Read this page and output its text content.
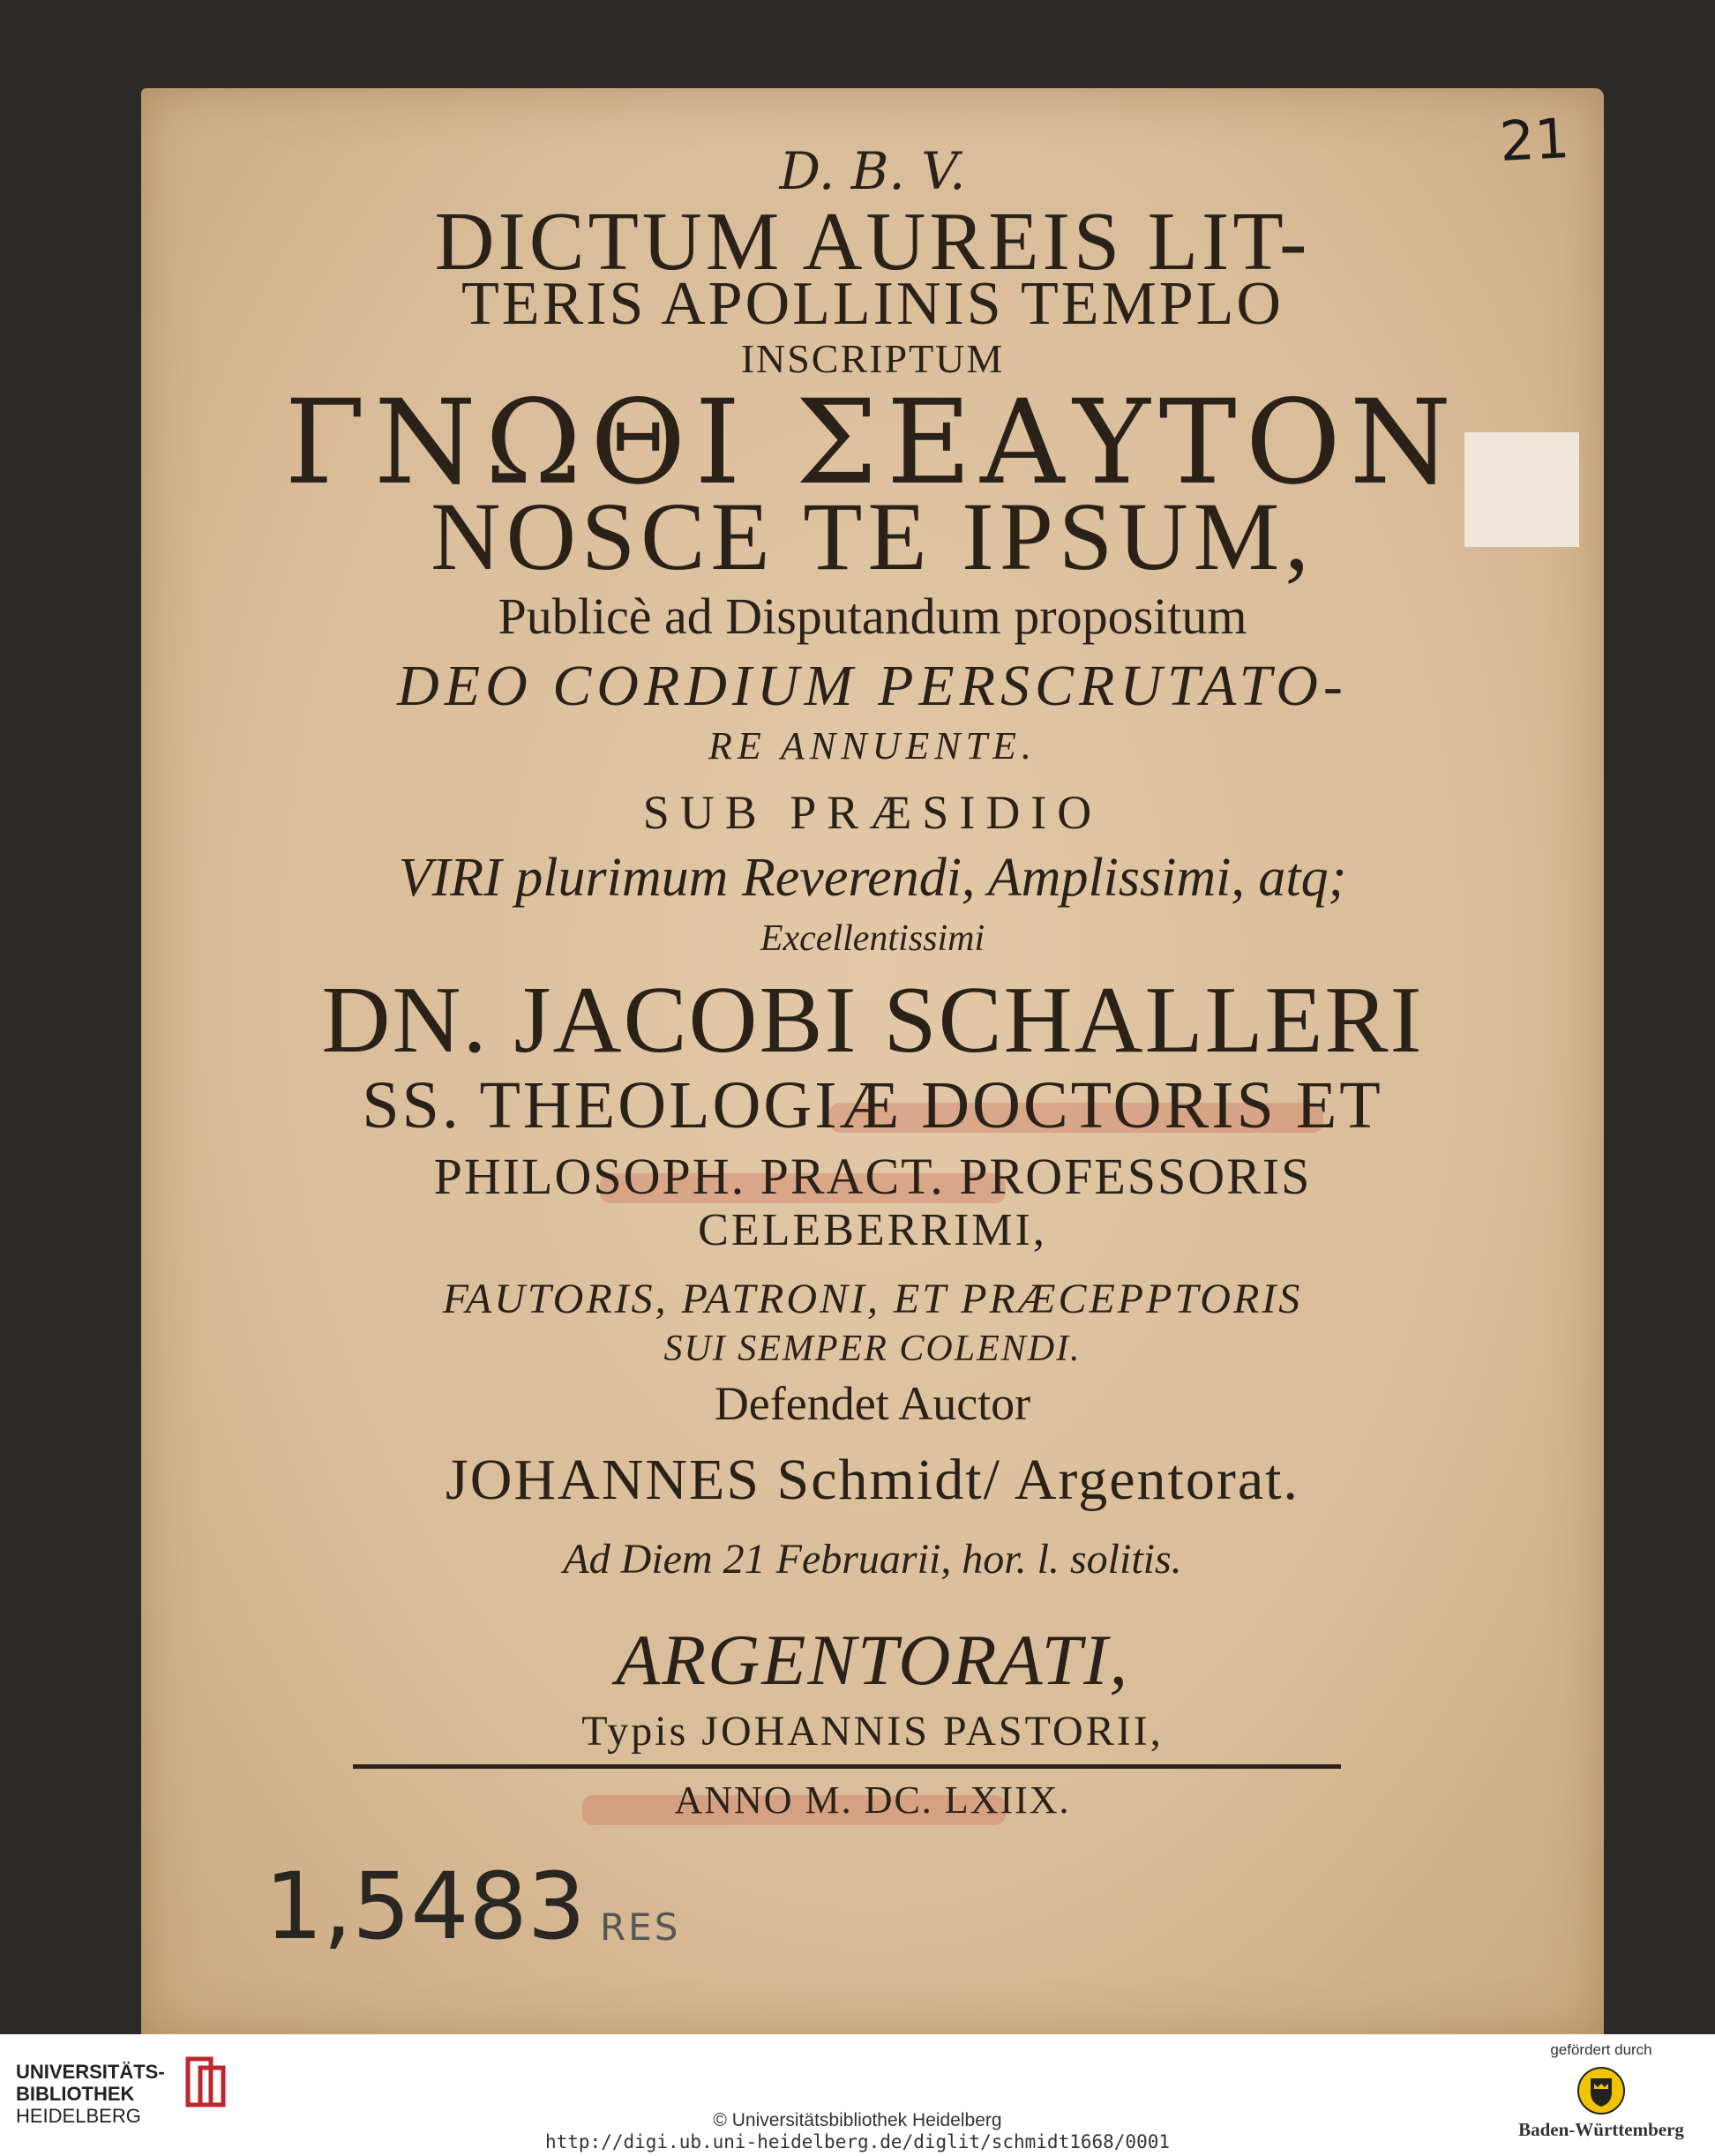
21
D. B. V.
DICTUM AUREIS LIT-
TERIS APOLLINIS TEMPLO
INSCRIPTUM
ΓΝΩΘΙ ΣΕΑΥΤΟΝ
NOSCE TE IPSUM,
Publicè ad Disputandum propositum
DEO CORDIUM PERSCRUTATO-
RE ANNUENTE.
SUB PRÆSIDIO
VIRI plurimum Reverendi, Amplissimi, atq;
Excellentissimi
DN. JACOBI SCHALLERI
SS. THEOLOGIÆ DOCTORIS ET
PHILOSOPH. PRACT. PROFESSORIS
CELEBERRIMI,
FAUTORIS, PATRONI, ET PRÆCEPPTORIS
SUI SEMPER COLENDI.
Defendet Auctor
JOHANNES Schmidt/ Argentorat.
Ad Diem 21 Februarii, hor. l. solitis.
ARGENTORATI,
Typis JOHANNIS PASTORII,
ANNO M. DC. LXIIX.
1,5483 RES
UNIVERSITÄTS-
BIBLIOTHEK
HEIDELBERG	© Universitätsbibliothek Heidelberg
http://digi.ub.uni-heidelberg.de/diglit/schmidt1668/0001
gefördert durch
Baden-Württemberg
